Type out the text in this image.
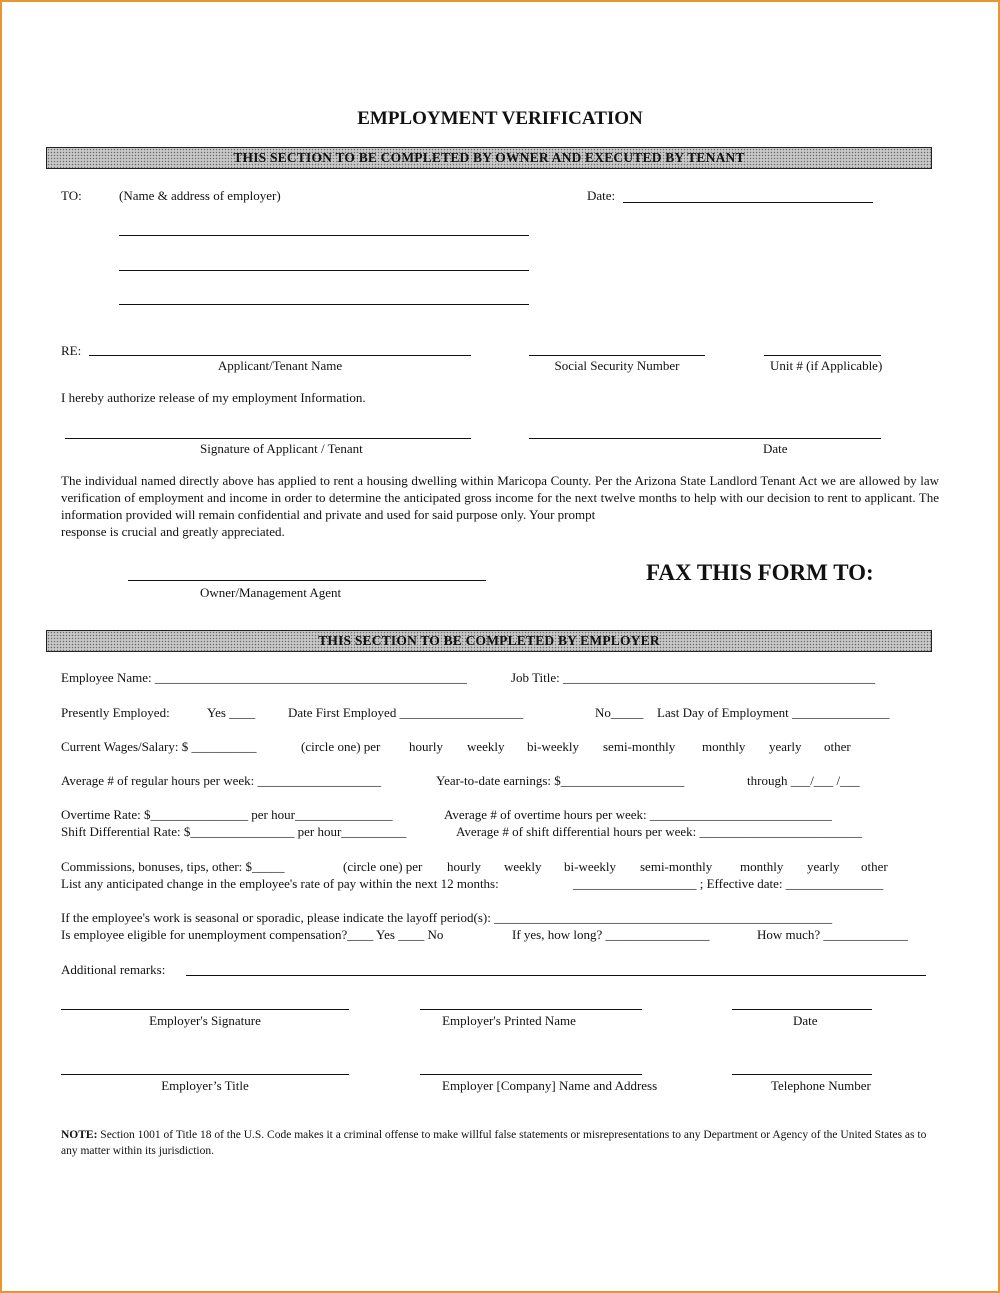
EMPLOYMENT VERIFICATION
THIS SECTION TO BE COMPLETED BY OWNER AND EXECUTED BY TENANT
TO:	(Name & address of employer)	Date:
RE:
Applicant/Tenant Name	Social Security Number	Unit # (if Applicable)
I hereby authorize release of my employment Information.
Signature of Applicant / Tenant	Date
The individual named directly above has applied to rent a housing dwelling within Maricopa County. Per the Arizona State Landlord Tenant Act we are allowed by law verification of employment and income in order to determine the anticipated gross income for the next twelve months to help with our decision to rent to applicant. The information provided will remain confidential and private and used for said purpose only. Your prompt
response is crucial and greatly appreciated.
Owner/Management Agent
FAX THIS FORM TO:
THIS SECTION TO BE COMPLETED BY EMPLOYER
Employee Name: ________________________________________________	Job Title: ________________________________________________
Presently Employed:	Yes ____	Date First Employed ___________________	No_____ Last Day of Employment _______________
Current Wages/Salary: $ __________	(circle one) per hourly weekly bi-weekly semi-monthly monthly yearly other
Average # of regular hours per week: ___________________	Year-to-date earnings: $___________________	through ___/___ /___
Overtime Rate: $_______________ per hour_______________	Average # of overtime hours per week: ____________________________
Shift Differential Rate: $________________ per hour__________	Average # of shift differential hours per week: _________________________
Commissions, bonuses, tips, other: $_____	(circle one) per hourly weekly bi-weekly semi-monthly monthly yearly other
List any anticipated change in the employee's rate of pay within the next 12 months:	___________________ ; Effective date: _______________
If the employee's work is seasonal or sporadic, please indicate the layoff period(s): ____________________________________________________
Is employee eligible for unemployment compensation?____ Yes ____ No	If yes, how long? ________________	How much? _____________
Additional remarks:
Employer's Signature	Employer's Printed Name	Date
Employer’s Title	Employer [Company] Name and Address	Telephone Number
NOTE: Section 1001 of Title 18 of the U.S. Code makes it a criminal offense to make willful false statements or misrepresentations to any Department or Agency of the United States as to any matter within its jurisdiction.
